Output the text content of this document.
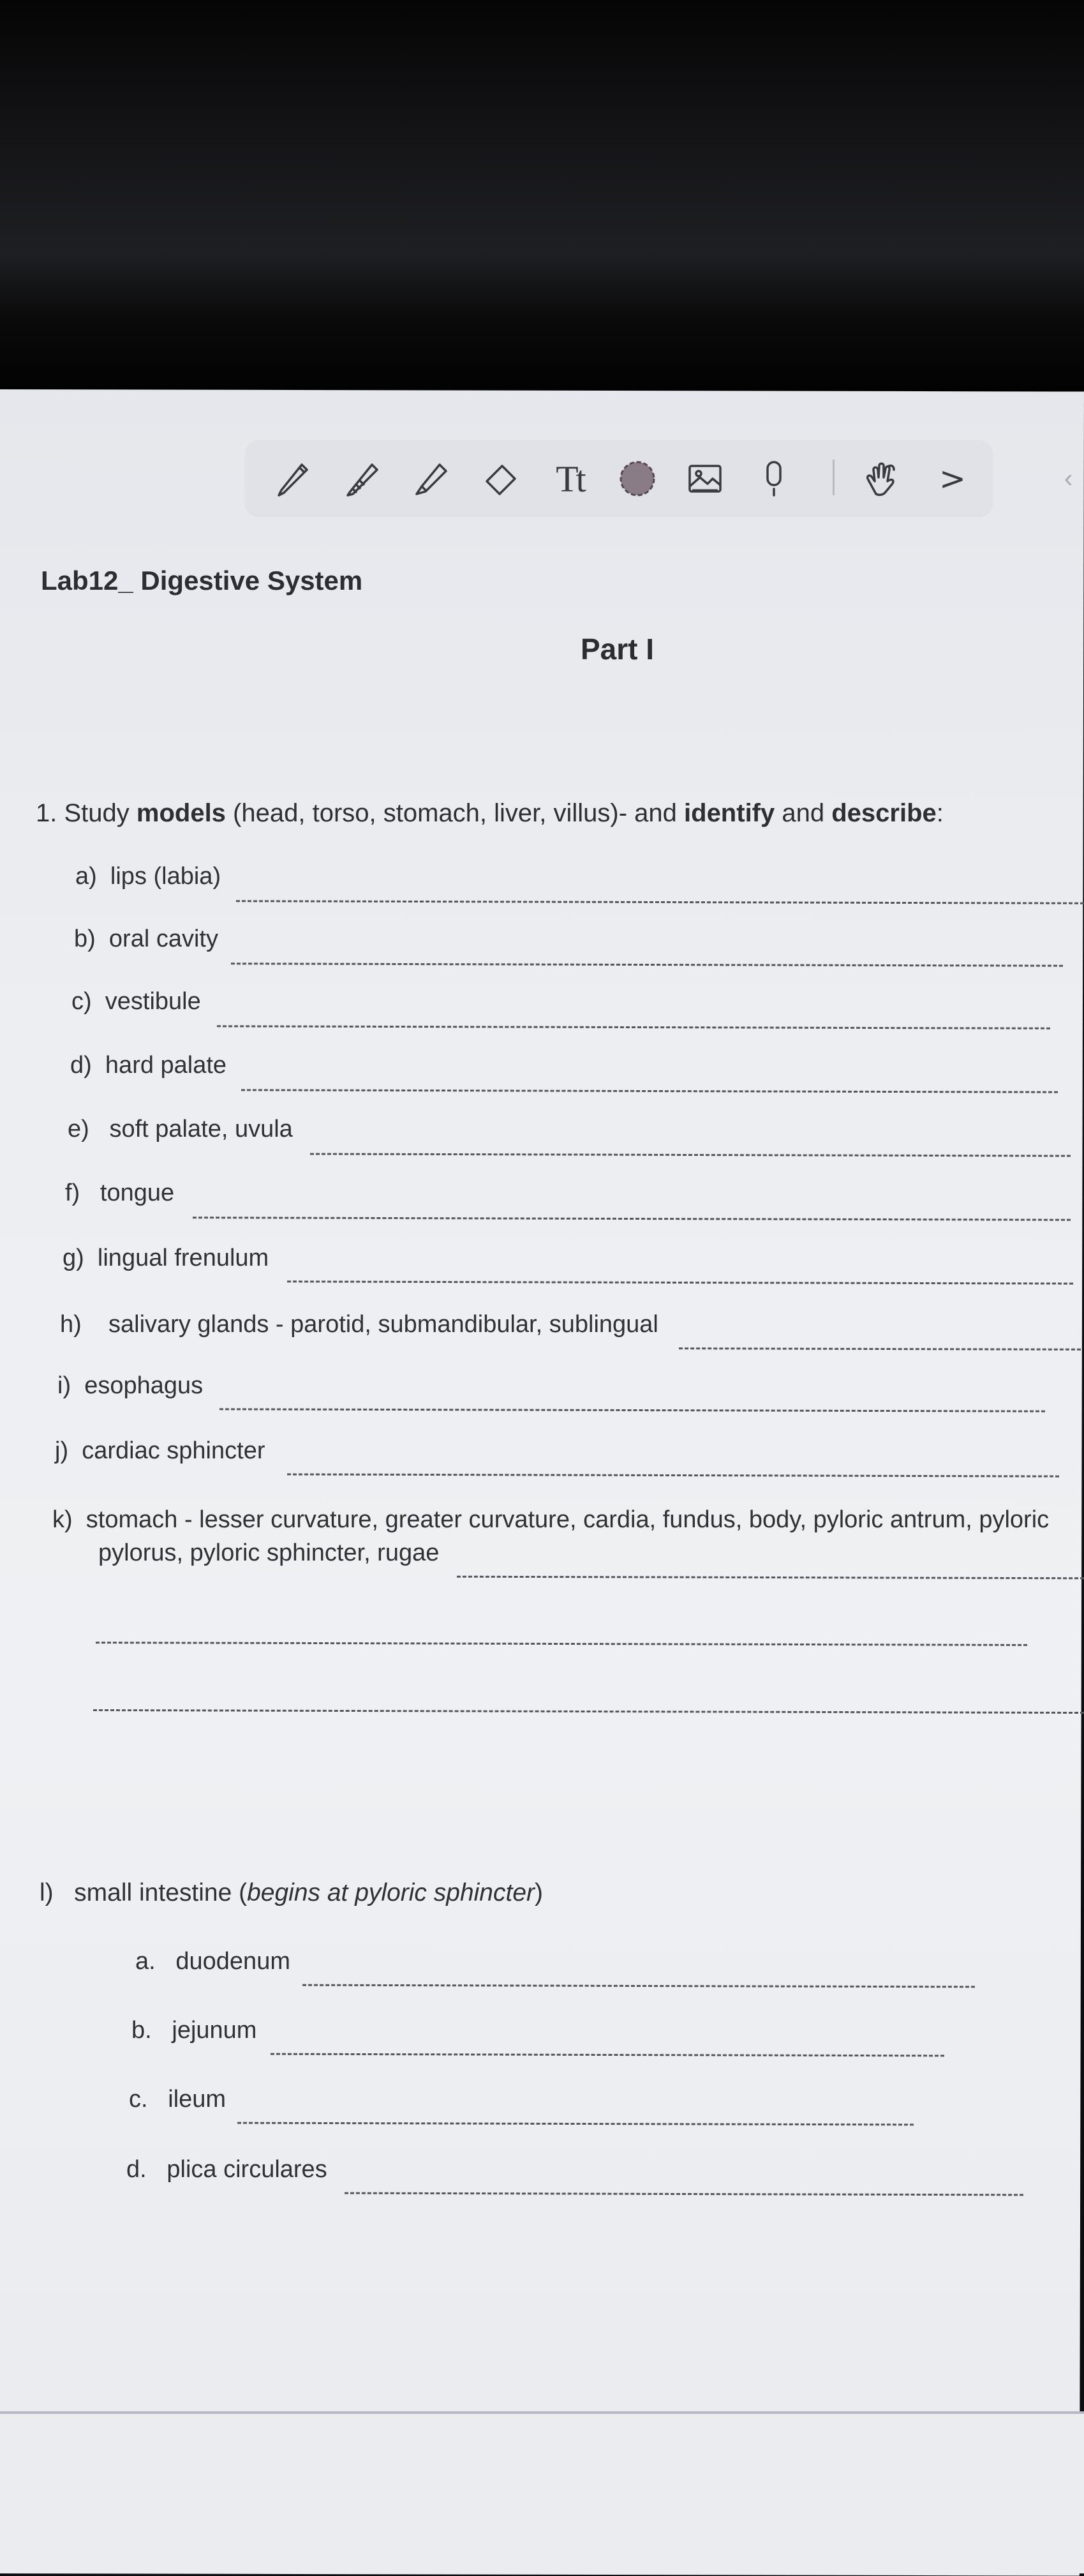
Tt	>	‹
Lab12_ Digestive System
Part I
1. Study models (head, torso, stomach, liver, villus)- and identify and describe:
a) lips (labia)
b) oral cavity
c) vestibule
d) hard palate
e) soft palate, uvula
f) tongue
g) lingual frenulum
h) salivary glands - parotid, submandibular, sublingual
i) esophagus
j) cardiac sphincter
k) stomach - lesser curvature, greater curvature, cardia, fundus, body, pyloric antrum, pyloric
pylorus, pyloric sphincter, rugae
l) small intestine (begins at pyloric sphincter)
a. duodenum
b. jejunum
c. ileum
d. plica circulares
